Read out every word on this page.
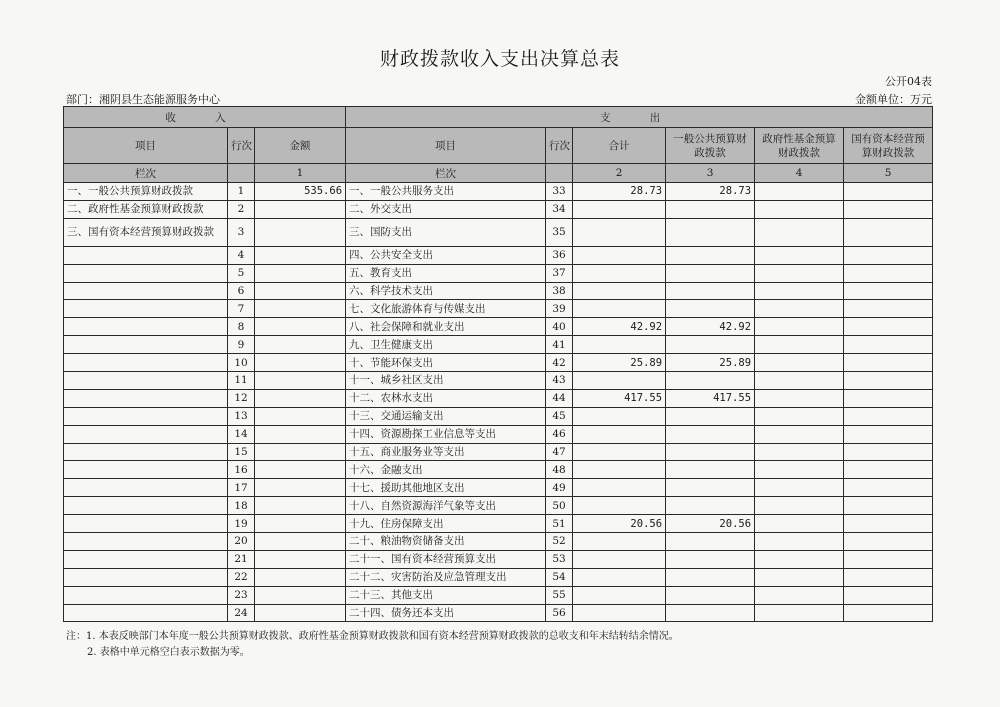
财政拨款收入支出决算总表
公开04表
部门：湘阴县生态能源服务中心	金额单位：万元
收 入			支 出					
项目	行次	金额	项目	行次	合计	一般公共预算财政拨款	政府性基金预算财政拨款	国有资本经营预算财政拨款
栏次		1	栏次		2	3	4	5
一、一般公共预算财政拨款	1	535.66	一、一般公共服务支出	33	28.73	28.73		
二、政府性基金预算财政拨款	2		二、外交支出	34				
三、国有资本经营预算财政拨款	3		三、国防支出	35				
	4		四、公共安全支出	36				
	5		五、教育支出	37				
	6		六、科学技术支出	38				
	7		七、文化旅游体育与传媒支出	39				
	8		八、社会保障和就业支出	40	42.92	42.92		
	9		九、卫生健康支出	41				
	10		十、节能环保支出	42	25.89	25.89		
	11		十一、城乡社区支出	43				
	12		十二、农林水支出	44	417.55	417.55		
	13		十三、交通运输支出	45				
	14		十四、资源勘探工业信息等支出	46				
	15		十五、商业服务业等支出	47				
	16		十六、金融支出	48				
	17		十七、援助其他地区支出	49				
	18		十八、自然资源海洋气象等支出	50				
	19		十九、住房保障支出	51	20.56	20.56		
	20		二十、粮油物资储备支出	52				
	21		二十一、国有资本经营预算支出	53				
	22		二十二、灾害防治及应急管理支出	54				
	23		二十三、其他支出	55				
	24		二十四、债务还本支出	56				
注：1. 本表反映部门本年度一般公共预算财政拨款、政府性基金预算财政拨款和国有资本经营预算财政拨款的总收支和年末结转结余情况。
2. 表格中单元格空白表示数据为零。
